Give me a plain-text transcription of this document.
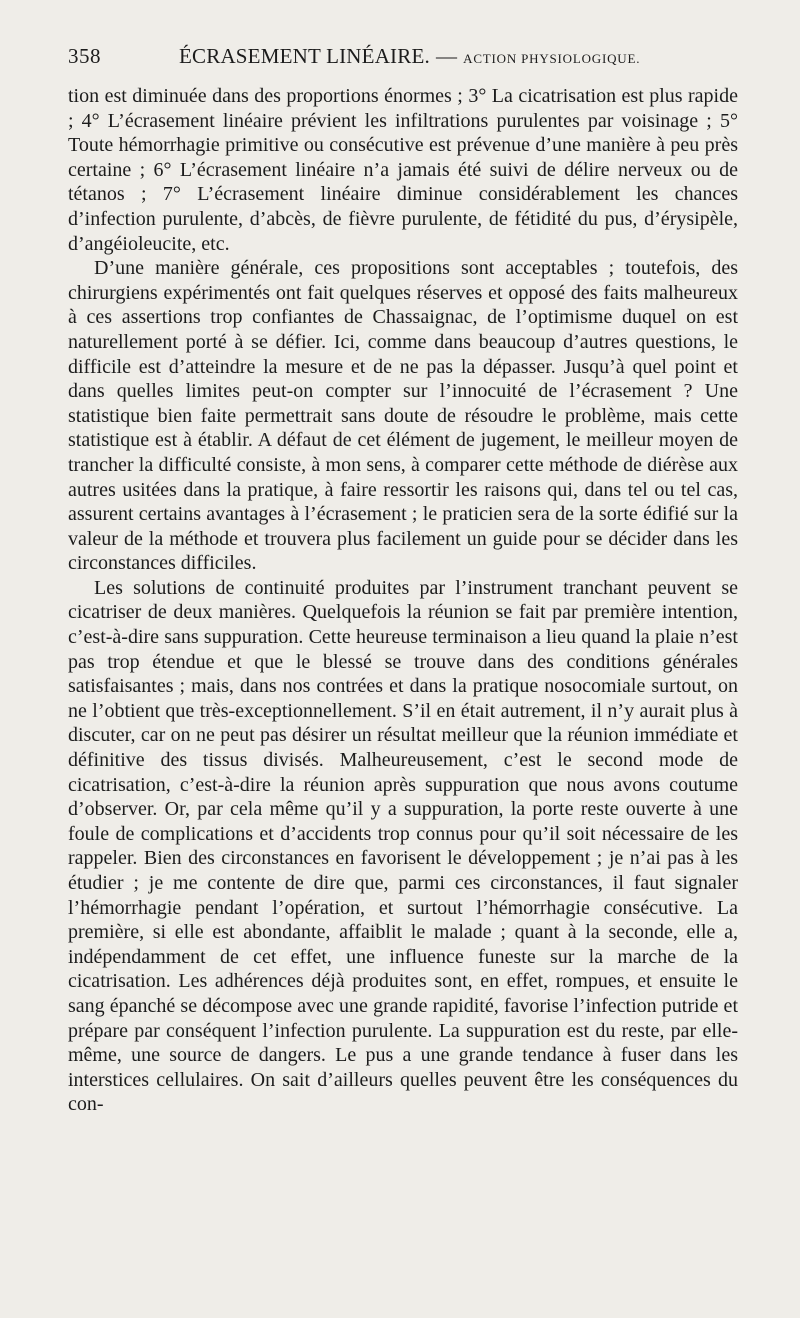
358	ÉCRASEMENT LINÉAIRE. — ACTION PHYSIOLOGIQUE.

tion est diminuée dans des proportions énormes ; 3° La cicatrisation est plus rapide ; 4° L’écrasement linéaire prévient les infiltrations purulentes par voisinage ; 5° Toute hémorrhagie primitive ou consécutive est prévenue d’une manière à peu près certaine ; 6° L’écrasement linéaire n’a jamais été suivi de délire nerveux ou de tétanos ; 7° L’écrasement linéaire diminue considérablement les chances d’infection purulente, d’abcès, de fièvre purulente, de fétidité du pus, d’érysipèle, d’angéioleucite, etc.

D’une manière générale, ces propositions sont acceptables ; toutefois, des chirurgiens expérimentés ont fait quelques réserves et opposé des faits malheureux à ces assertions trop confiantes de Chassaignac, de l’optimisme duquel on est naturellement porté à se défier. Ici, comme dans beaucoup d’autres questions, le difficile est d’atteindre la mesure et de ne pas la dépasser. Jusqu’à quel point et dans quelles limites peut-on compter sur l’innocuité de l’écrasement ? Une statistique bien faite permettrait sans doute de résoudre le problème, mais cette statistique est à établir. A défaut de cet élément de jugement, le meilleur moyen de trancher la difficulté consiste, à mon sens, à comparer cette méthode de diérèse aux autres usitées dans la pratique, à faire ressortir les raisons qui, dans tel ou tel cas, assurent certains avantages à l’écrasement ; le praticien sera de la sorte édifié sur la valeur de la méthode et trouvera plus facilement un guide pour se décider dans les circonstances difficiles.

Les solutions de continuité produites par l’instrument tranchant peuvent se cicatriser de deux manières. Quelquefois la réunion se fait par première intention, c’est-à-dire sans suppuration. Cette heureuse terminaison a lieu quand la plaie n’est pas trop étendue et que le blessé se trouve dans des conditions générales satisfaisantes ; mais, dans nos contrées et dans la pratique nosocomiale surtout, on ne l’obtient que très-exceptionnellement. S’il en était autrement, il n’y aurait plus à discuter, car on ne peut pas désirer un résultat meilleur que la réunion immédiate et définitive des tissus divisés. Malheureusement, c’est le second mode de cicatrisation, c’est-à-dire la réunion après suppuration que nous avons coutume d’observer. Or, par cela même qu’il y a suppuration, la porte reste ouverte à une foule de complications et d’accidents trop connus pour qu’il soit nécessaire de les rappeler. Bien des circonstances en favorisent le développement ; je n’ai pas à les étudier ; je me contente de dire que, parmi ces circonstances, il faut signaler l’hémorrhagie pendant l’opération, et surtout l’hémorrhagie consécutive. La première, si elle est abondante, affaiblit le malade ; quant à la seconde, elle a, indépendamment de cet effet, une influence funeste sur la marche de la cicatrisation. Les adhérences déjà produites sont, en effet, rompues, et ensuite le sang épanché se décompose avec une grande rapidité, favorise l’infection putride et prépare par conséquent l’infection purulente. La suppuration est du reste, par elle-même, une source de dangers. Le pus a une grande tendance à fuser dans les interstices cellulaires. On sait d’ailleurs quelles peuvent être les conséquences du con-
